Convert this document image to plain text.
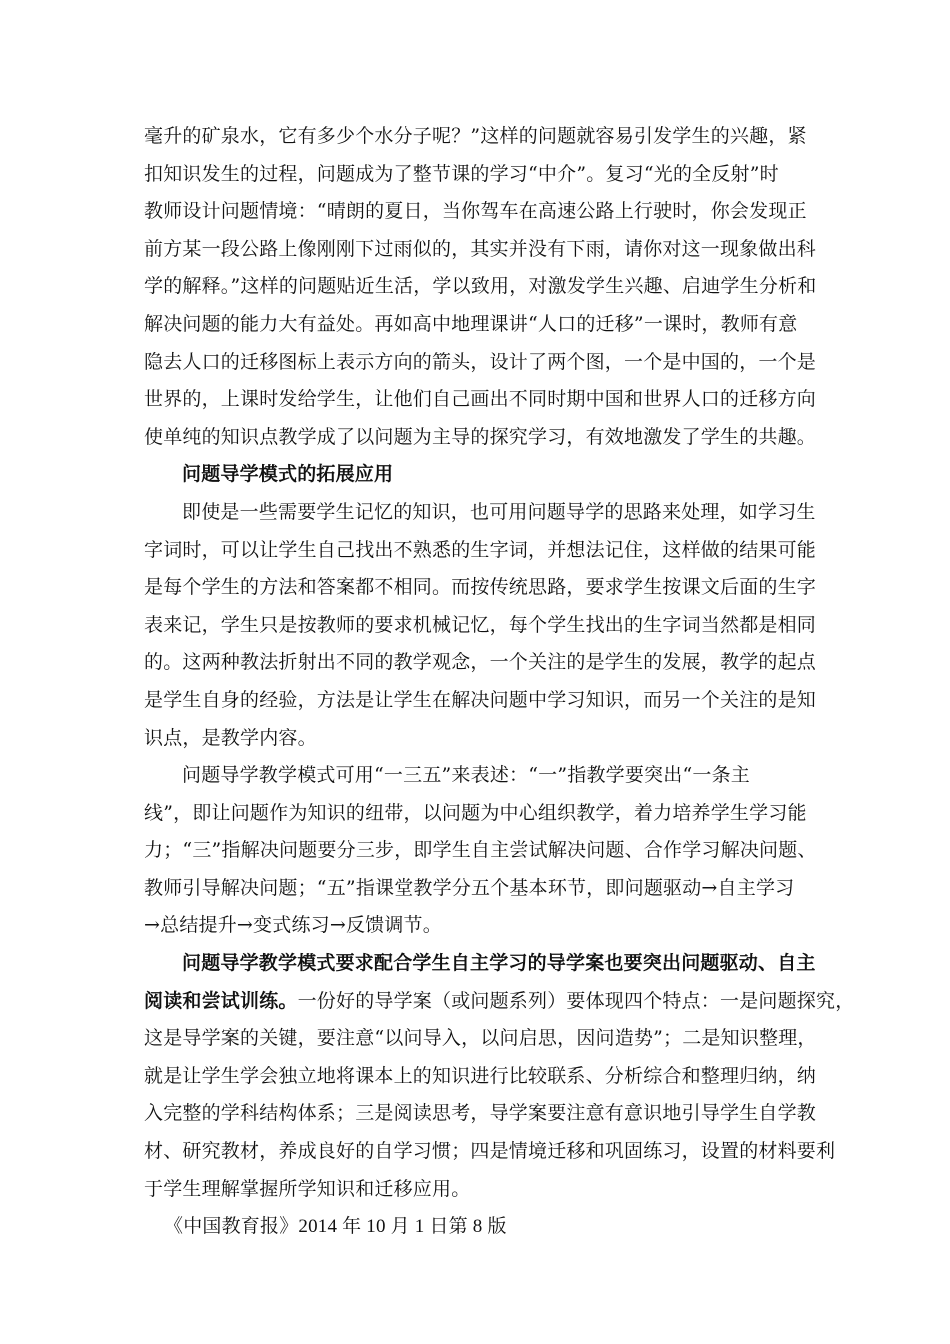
毫升的矿泉水，它有多少个水分子呢？”这样的问题就容易引发学生的兴趣，紧
扣知识发生的过程，问题成为了整节课的学习“中介”。复习“光的全反射”时
教师设计问题情境：“晴朗的夏日，当你驾车在高速公路上行驶时，你会发现正
前方某一段公路上像刚刚下过雨似的，其实并没有下雨，请你对这一现象做出科
学的解释。”这样的问题贴近生活，学以致用，对激发学生兴趣、启迪学生分析和
解决问题的能力大有益处。再如高中地理课讲“人口的迁移”一课时，教师有意
隐去人口的迁移图标上表示方向的箭头，设计了两个图，一个是中国的，一个是
世界的，上课时发给学生，让他们自己画出不同时期中国和世界人口的迁移方向
使单纯的知识点教学成了以问题为主导的探究学习，有效地激发了学生的共趣。
问题导学模式的拓展应用
即使是一些需要学生记忆的知识，也可用问题导学的思路来处理，如学习生
字词时，可以让学生自己找出不熟悉的生字词，并想法记住，这样做的结果可能
是每个学生的方法和答案都不相同。而按传统思路，要求学生按课文后面的生字
表来记，学生只是按教师的要求机械记忆，每个学生找出的生字词当然都是相同
的。这两种教法折射出不同的教学观念，一个关注的是学生的发展，教学的起点
是学生自身的经验，方法是让学生在解决问题中学习知识，而另一个关注的是知
识点，是教学内容。
问题导学教学模式可用“一三五”来表述：“一”指教学要突出“一条主
线”，即让问题作为知识的纽带，以问题为中心组织教学，着力培养学生学习能
力；“三”指解决问题要分三步，即学生自主尝试解决问题、合作学习解决问题、
教师引导解决问题；“五”指课堂教学分五个基本环节，即问题驱动→自主学习
→总结提升→变式练习→反馈调节。
问题导学教学模式要求配合学生自主学习的导学案也要突出问题驱动、自主
阅读和尝试训练。一份好的导学案（或问题系列）要体现四个特点：一是问题探究，
这是导学案的关键，要注意“以问导入，以问启思，因问造势”；二是知识整理，
就是让学生学会独立地将课本上的知识进行比较联系、分析综合和整理归纳，纳
入完整的学科结构体系；三是阅读思考，导学案要注意有意识地引导学生自学教
材、研究教材，养成良好的自学习惯；四是情境迁移和巩固练习，设置的材料要利
于学生理解掌握所学知识和迁移应用。
《中国教育报》2014 年 10 月 1 日第 8 版
